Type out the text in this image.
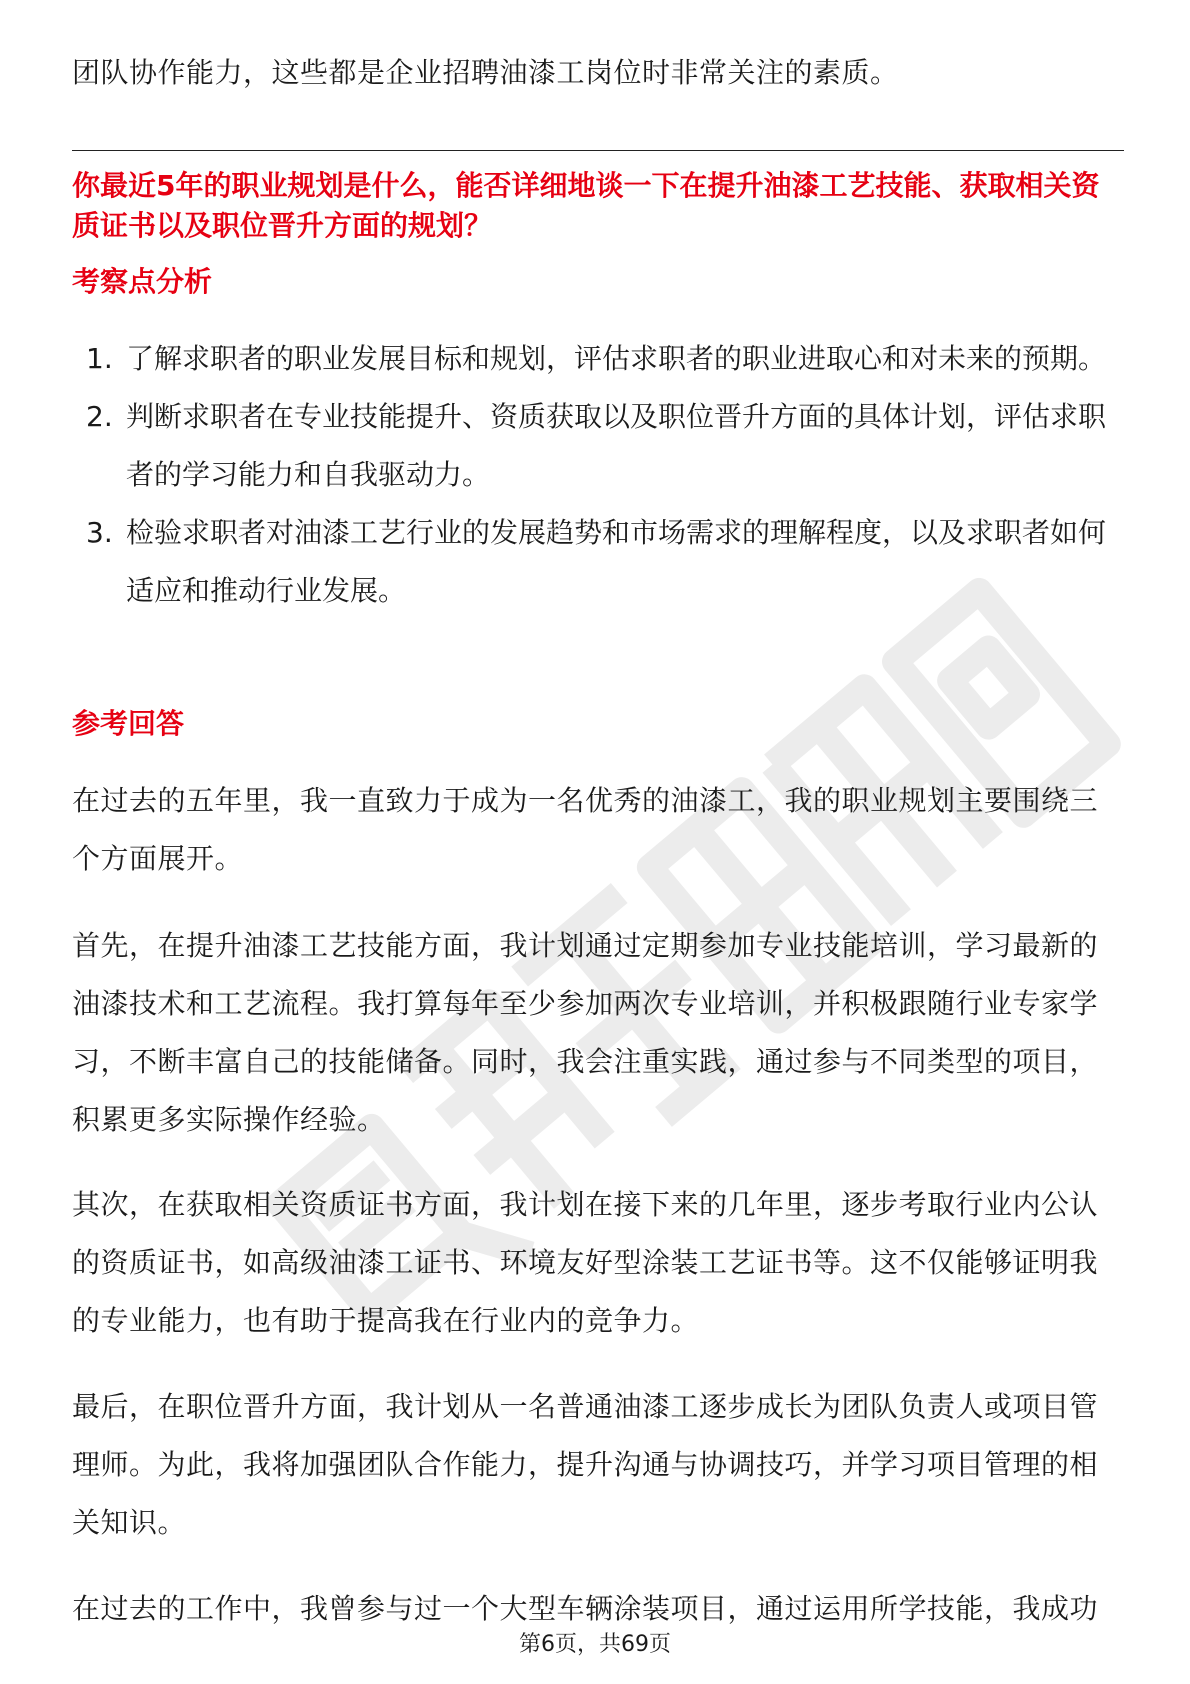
团队协作能力，这些都是企业招聘油漆工岗位时非常关注的素质。

你最近5年的职业规划是什么，能否详细地谈一下在提升油漆工艺技能、获取相关资质证书以及职位晋升方面的规划？

考察点分析

1. 了解求职者的职业发展目标和规划，评估求职者的职业进取心和对未来的预期。
2. 判断求职者在专业技能提升、资质获取以及职位晋升方面的具体计划，评估求职者的学习能力和自我驱动力。
3. 检验求职者对油漆工艺行业的发展趋势和市场需求的理解程度，以及求职者如何适应和推动行业发展。

参考回答

在过去的五年里，我一直致力于成为一名优秀的油漆工，我的职业规划主要围绕三个方面展开。

首先，在提升油漆工艺技能方面，我计划通过定期参加专业技能培训，学习最新的油漆技术和工艺流程。我打算每年至少参加两次专业培训，并积极跟随行业专家学习，不断丰富自己的技能储备。同时，我会注重实践，通过参与不同类型的项目，积累更多实际操作经验。

其次，在获取相关资质证书方面，我计划在接下来的几年里，逐步考取行业内公认的资质证书，如高级油漆工证书、环境友好型涂装工艺证书等。这不仅能够证明我的专业能力，也有助于提高我在行业内的竞争力。

最后，在职位晋升方面，我计划从一名普通油漆工逐步成长为团队负责人或项目管理师。为此，我将加强团队合作能力，提升沟通与协调技巧，并学习项目管理的相关知识。

在过去的工作中，我曾参与过一个大型车辆涂装项目，通过运用所学技能，我成功

第6页，共69页
